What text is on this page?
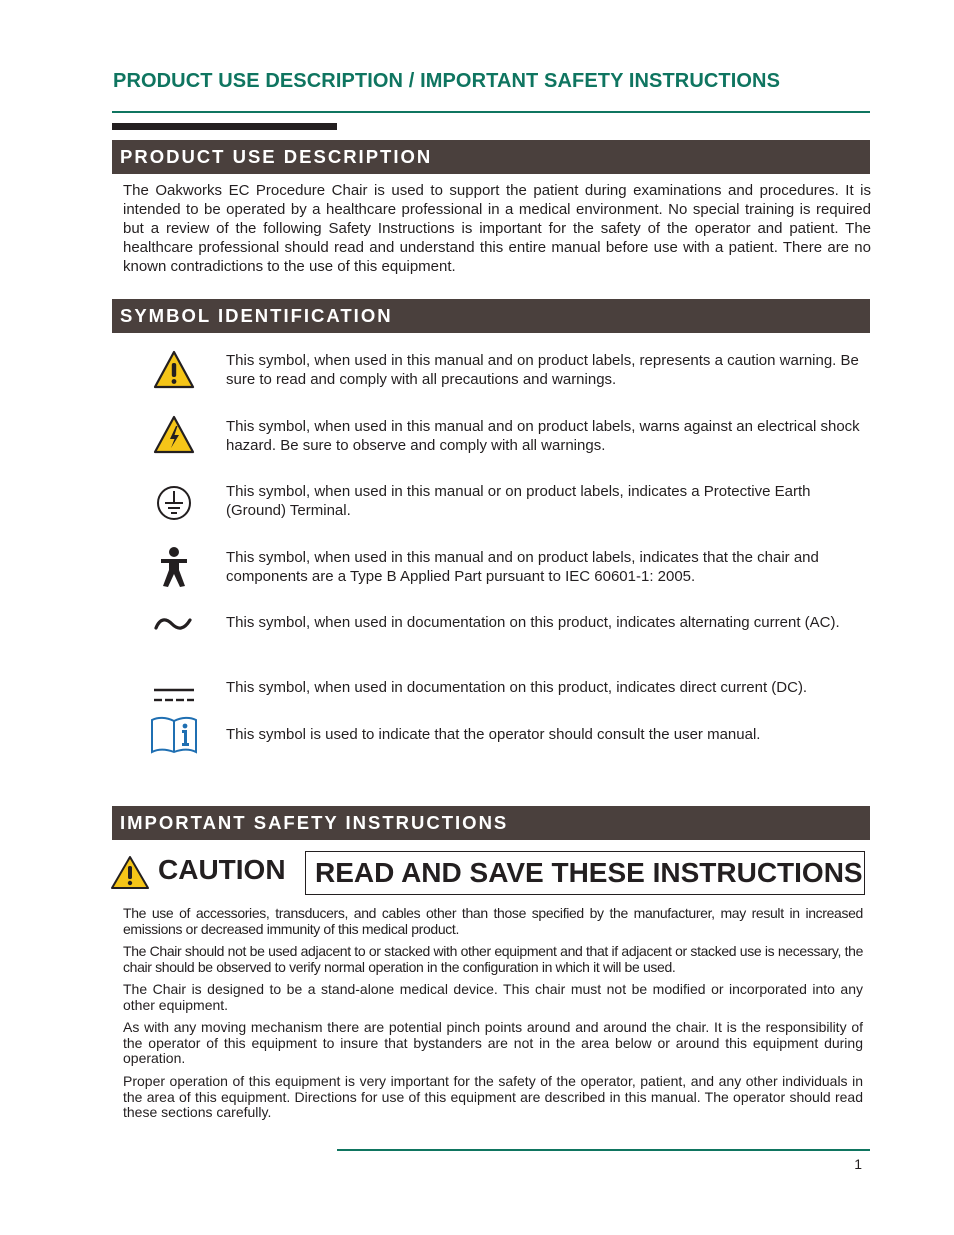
PRODUCT USE DESCRIPTION / IMPORTANT SAFETY INSTRUCTIONS
PRODUCT USE DESCRIPTION
The Oakworks EC Procedure Chair is used to support the patient during examinations and procedures. It is intended to be operated by a healthcare professional in a medical environment. No special training is required but a review of the following Safety Instructions is important for the safety of the operator and patient. The healthcare professional should read and understand this entire manual before use with a patient. There are no known contradictions to the use of this equipment.
SYMBOL IDENTIFICATION
This symbol, when used in this manual and on product labels, represents a caution warning. Be sure to read and comply with all precautions and warnings.
This symbol, when used in this manual and on product labels, warns against an electrical shock hazard. Be sure to observe and comply with all warnings.
This symbol, when used in this manual or on product labels, indicates a Protective Earth (Ground) Terminal.
This symbol, when used in this manual and on product labels, indicates that the chair and components are a Type B Applied Part pursuant to IEC 60601-1: 2005.
This symbol, when used in documentation on this product, indicates alternating current (AC).
This symbol, when used in documentation on this product, indicates direct current (DC).
This symbol is used to indicate that the operator should consult the user manual.
IMPORTANT SAFETY INSTRUCTIONS
CAUTION	READ AND SAVE THESE INSTRUCTIONS
The use of accessories, transducers, and cables other than those specified by the manufacturer, may result in increased emissions or decreased immunity of this medical product.
The Chair should not be used adjacent to or stacked with other equipment and that if adjacent or stacked use is necessary, the chair should be observed to verify normal operation in the configuration in which it will be used.
The Chair is designed to be a stand-alone medical device. This chair must not be modified or incorporated into any other equipment.
As with any moving mechanism there are potential pinch points around and around the chair. It is the responsibility of the operator of this equipment to insure that bystanders are not in the area below or around this equipment during operation.
Proper operation of this equipment is very important for the safety of the operator, patient, and any other individuals in the area of this equipment. Directions for use of this equipment are described in this manual. The operator should read these sections carefully.
1
